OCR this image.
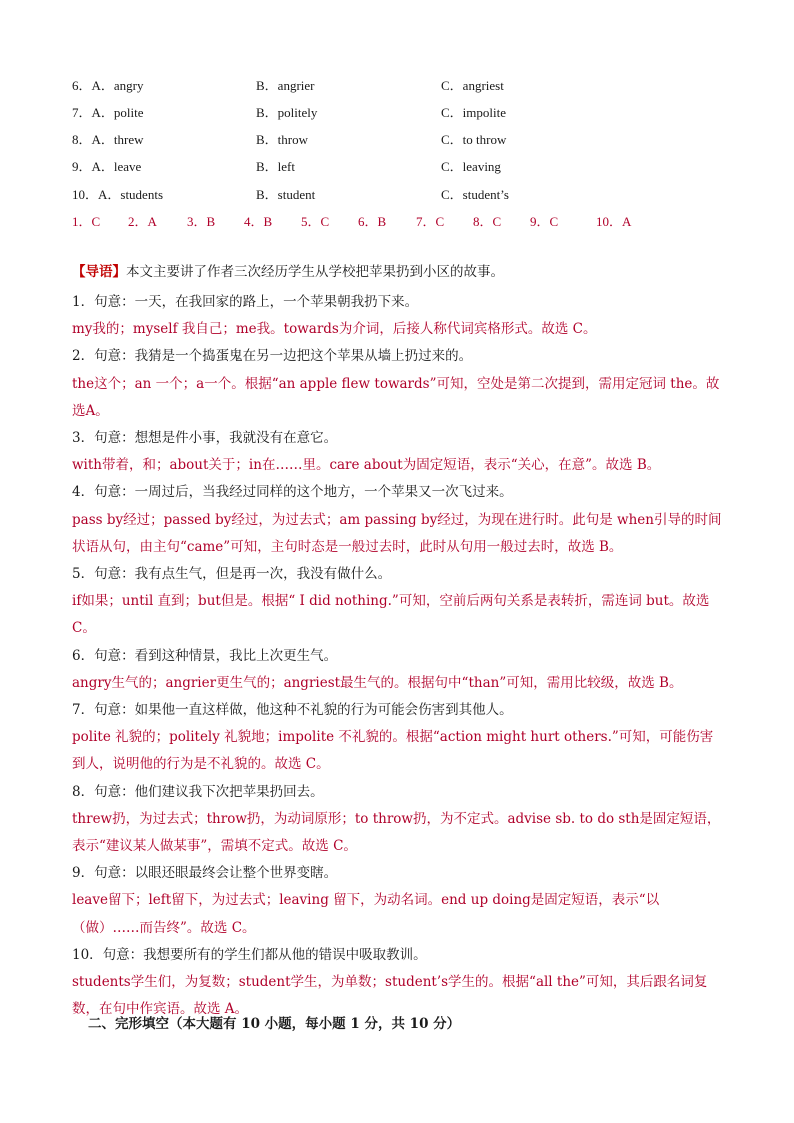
6．A．angry	B．angrier	C．angriest
7．A．polite	B．politely	C．impolite
8．A．threw	B．throw	C．to throw
9．A．leave	B．left	C．leaving
10．A．students	B．student	C．student’s
1．C 2．A 3．B 4．B 5．C 6．B 7．C 8．C 9．C	10．A
【导语】本文主要讲了作者三次经历学生从学校把苹果扔到小区的故事。
1．句意：一天，在我回家的路上，一个苹果朝我扔下来。
my我的；myself 我自己；me我。towards为介词，后接人称代词宾格形式。故选 C。
2．句意：我猜是一个捣蛋鬼在另一边把这个苹果从墙上扔过来的。
the这个；an 一个；a一个。根据“an apple flew towards”可知，空处是第二次提到，需用定冠词 the。故选A。
3．句意：想想是件小事，我就没有在意它。
with带着，和；about关于；in在……里。care about为固定短语，表示“关心，在意”。故选 B。
4．句意：一周过后，当我经过同样的这个地方，一个苹果又一次飞过来。
pass by经过；passed by经过，为过去式；am passing by经过，为现在进行时。此句是 when引导的时间状语从句，由主句“came”可知，主句时态是一般过去时，此时从句用一般过去时，故选 B。
5．句意：我有点生气，但是再一次，我没有做什么。
if如果；until 直到；but但是。根据“ I did nothing.”可知，空前后两句关系是表转折，需连词 but。故选 C。
6．句意：看到这种情景，我比上次更生气。
angry生气的；angrier更生气的；angriest最生气的。根据句中“than”可知，需用比较级，故选 B。
7．句意：如果他一直这样做，他这种不礼貌的行为可能会伤害到其他人。
polite 礼貌的；politely 礼貌地；impolite 不礼貌的。根据“action might hurt others.”可知，可能伤害到人，说明他的行为是不礼貌的。故选 C。
8．句意：他们建议我下次把苹果扔回去。
threw扔，为过去式；throw扔，为动词原形；to throw扔，为不定式。advise sb. to do sth是固定短语，表示“建议某人做某事”，需填不定式。故选 C。
9．句意：以眼还眼最终会让整个世界变瞎。
leave留下；left留下，为过去式；leaving 留下，为动名词。end up doing是固定短语，表示“以（做）……而告终”。故选 C。
10．句意：我想要所有的学生们都从他的错误中吸取教训。
students学生们，为复数；student学生，为单数；student’s学生的。根据“all the”可知，其后跟名词复数，在句中作宾语。故选 A。
二、完形填空（本大题有 10 小题，每小题 1 分，共 10 分）
